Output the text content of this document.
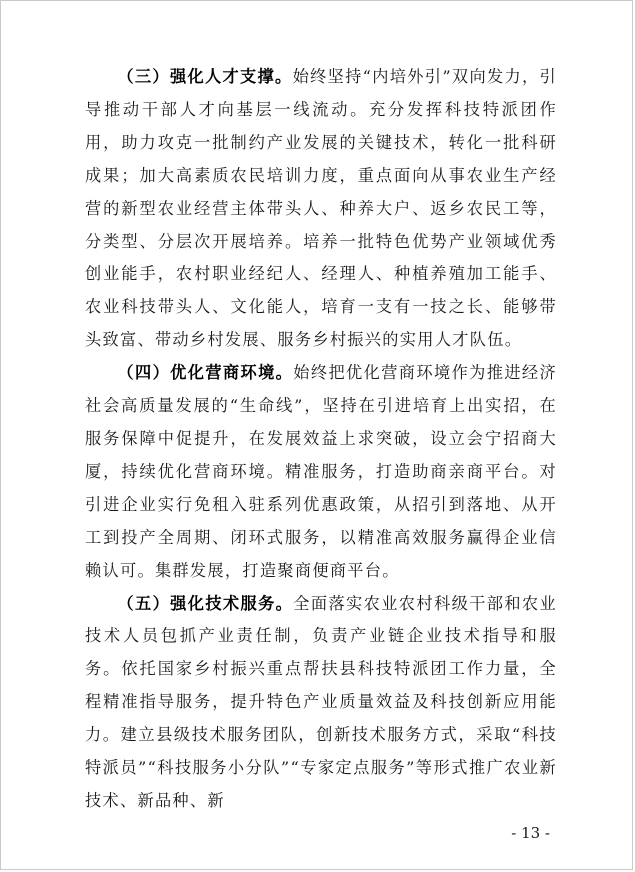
（三）强化人才支撑。始终坚持“内培外引”双向发力，引导推动干部人才向基层一线流动。充分发挥科技特派团作用，助力攻克一批制约产业发展的关键技术，转化一批科研成果；加大高素质农民培训力度，重点面向从事农业生产经营的新型农业经营主体带头人、种养大户、返乡农民工等，分类型、分层次开展培养。培养一批特色优势产业领域优秀创业能手，农村职业经纪人、经理人、种植养殖加工能手、农业科技带头人、文化能人，培育一支有一技之长、能够带头致富、带动乡村发展、服务乡村振兴的实用人才队伍。

（四）优化营商环境。始终把优化营商环境作为推进经济社会高质量发展的“生命线”，坚持在引进培育上出实招，在服务保障中促提升，在发展效益上求突破，设立会宁招商大厦，持续优化营商环境。精准服务，打造助商亲商平台。对引进企业实行免租入驻系列优惠政策，从招引到落地、从开工到投产全周期、闭环式服务，以精准高效服务赢得企业信赖认可。集群发展，打造聚商便商平台。

（五）强化技术服务。全面落实农业农村科级干部和农业技术人员包抓产业责任制，负责产业链企业技术指导和服务。依托国家乡村振兴重点帮扶县科技特派团工作力量，全程精准指导服务，提升特色产业质量效益及科技创新应用能力。建立县级技术服务团队，创新技术服务方式，采取“科技特派员”“科技服务小分队”“专家定点服务”等形式推广农业新技术、新品种、新

- 13 -
